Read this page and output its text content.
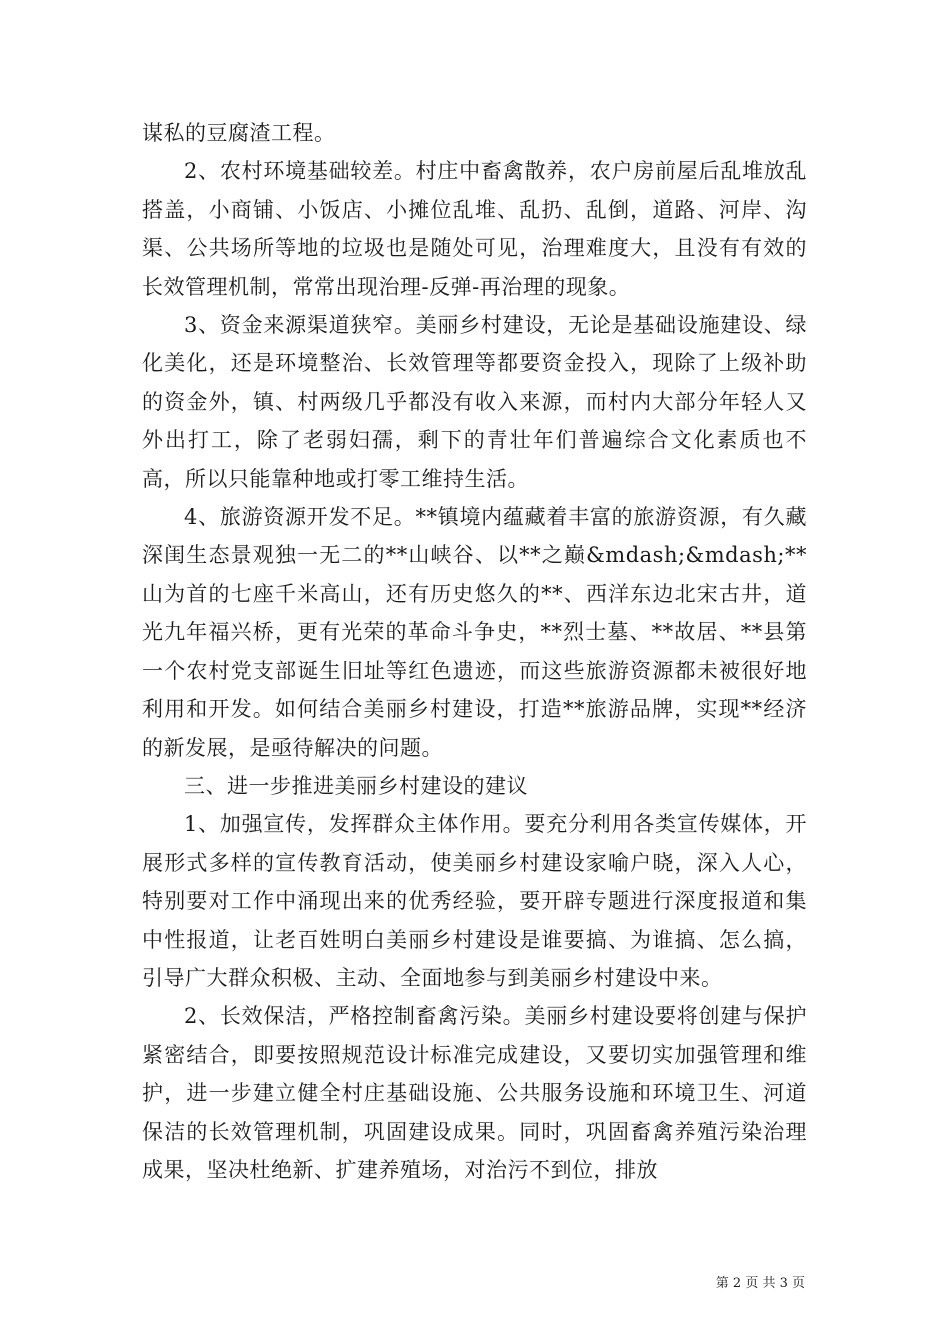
谋私的豆腐渣工程。

2、农村环境基础较差。村庄中畜禽散养，农户房前屋后乱堆放乱搭盖，小商铺、小饭店、小摊位乱堆、乱扔、乱倒，道路、河岸、沟渠、公共场所等地的垃圾也是随处可见，治理难度大，且没有有效的长效管理机制，常常出现治理-反弹-再治理的现象。

3、资金来源渠道狭窄。美丽乡村建设，无论是基础设施建设、绿化美化，还是环境整治、长效管理等都要资金投入，现除了上级补助的资金外，镇、村两级几乎都没有收入来源，而村内大部分年轻人又外出打工，除了老弱妇孺，剩下的青壮年们普遍综合文化素质也不高，所以只能靠种地或打零工维持生活。

4、旅游资源开发不足。**镇境内蕴藏着丰富的旅游资源，有久藏深闺生态景观独一无二的**山峡谷、以**之巅&mdash;&mdash;**山为首的七座千米高山，还有历史悠久的**、西洋东边北宋古井，道光九年福兴桥，更有光荣的革命斗争史，**烈士墓、**故居、**县第一个农村党支部诞生旧址等红色遗迹，而这些旅游资源都未被很好地利用和开发。如何结合美丽乡村建设，打造**旅游品牌，实现**经济的新发展，是亟待解决的问题。

三、进一步推进美丽乡村建设的建议

1、加强宣传，发挥群众主体作用。要充分利用各类宣传媒体，开展形式多样的宣传教育活动，使美丽乡村建设家喻户晓，深入人心，特别要对工作中涌现出来的优秀经验，要开辟专题进行深度报道和集中性报道，让老百姓明白美丽乡村建设是谁要搞、为谁搞、怎么搞，引导广大群众积极、主动、全面地参与到美丽乡村建设中来。

2、长效保洁，严格控制畜禽污染。美丽乡村建设要将创建与保护紧密结合，即要按照规范设计标准完成建设，又要切实加强管理和维护，进一步建立健全村庄基础设施、公共服务设施和环境卫生、河道保洁的长效管理机制，巩固建设成果。同时，巩固畜禽养殖污染治理成果，坚决杜绝新、扩建养殖场，对治污不到位，排放

第 2 页 共 3 页
